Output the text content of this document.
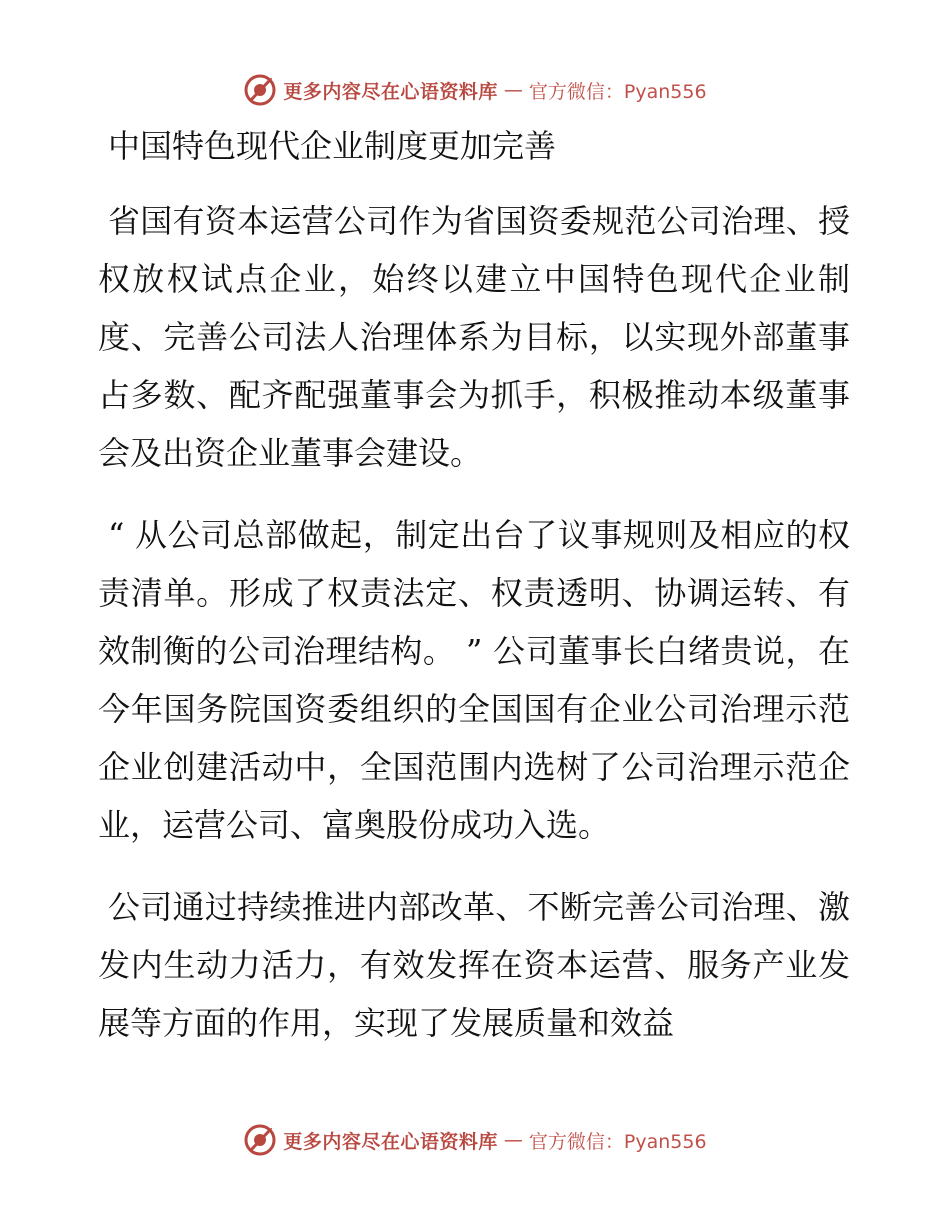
更多内容尽在心语资料库 — 官方微信：Pyan556
中国特色现代企业制度更加完善

省国有资本运营公司作为省国资委规范公司治理、授权放权试点企业，始终以建立中国特色现代企业制度、完善公司法人治理体系为目标，以实现外部董事占多数、配齐配强董事会为抓手，积极推动本级董事会及出资企业董事会建设。

“ 从公司总部做起，制定出台了议事规则及相应的权责清单。形成了权责法定、权责透明、协调运转、有效制衡的公司治理结构。 ” 公司董事长白绪贵说，在今年国务院国资委组织的全国国有企业公司治理示范企业创建活动中，全国范围内选树了公司治理示范企业，运营公司、富奥股份成功入选。

公司通过持续推进内部改革、不断完善公司治理、激发内生动力活力，有效发挥在资本运营、服务产业发展等方面的作用，实现了发展质量和效益

更多内容尽在心语资料库 — 官方微信：Pyan556
